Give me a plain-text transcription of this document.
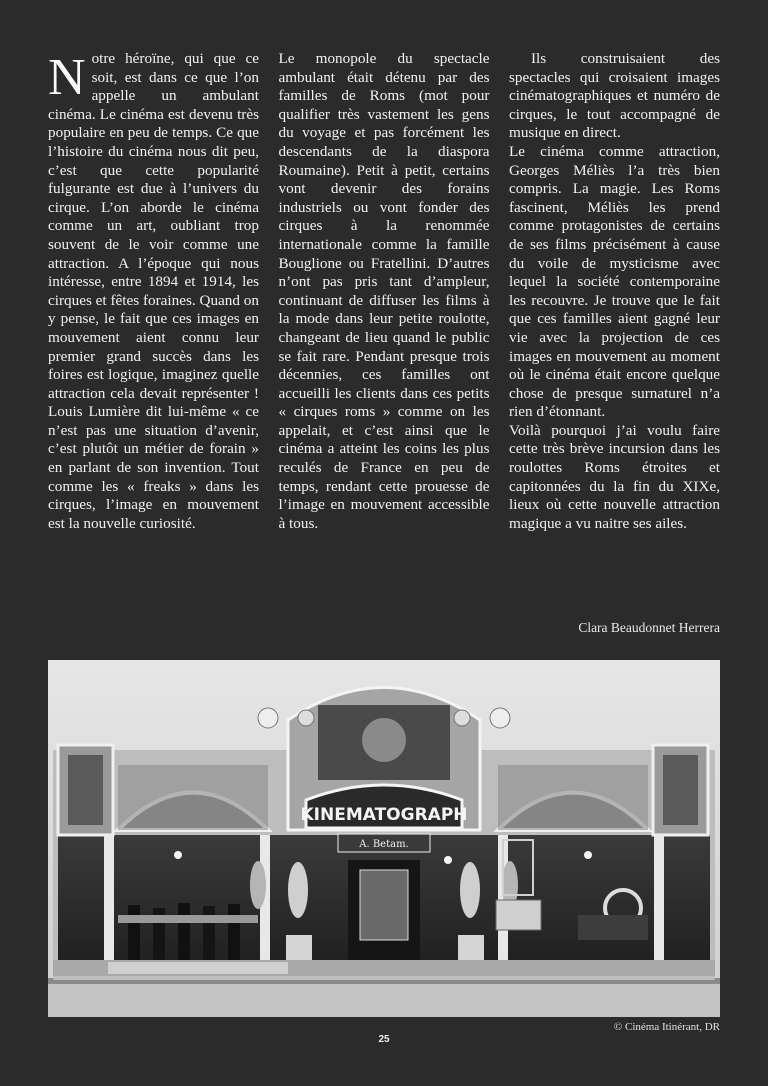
Notre héroïne, qui que ce soit, est dans ce que l’on appelle un ambulant cinéma. Le cinéma est devenu très populaire en peu de temps. Ce que l’histoire du cinéma nous dit peu, c’est que cette popularité fulgurante est due à l’univers du cirque. L’on aborde le cinéma comme un art, oubliant trop souvent de le voir comme une attraction. A l’époque qui nous intéresse, entre 1894 et 1914, les cirques et fêtes foraines. Quand on y pense, le fait que ces images en mouvement aient connu leur premier grand succès dans les foires est logique, imaginez quelle attraction cela devait représenter ! Louis Lumière dit lui-même « ce n’est pas une situation d’avenir, c’est plutôt un métier de forain » en parlant de son invention. Tout comme les « freaks » dans les cirques, l’image en mouvement est la nouvelle curiosité.

Le monopole du spectacle ambulant était détenu par des familles de Roms (mot pour qualifier très vastement les gens du voyage et pas forcément les descendants de la diaspora Roumaine). Petit à petit, certains vont devenir des forains industriels ou vont fonder des cirques à la renommée internationale comme la famille Bouglione ou Fratellini. D’autres n’ont pas pris tant d’ampleur, continuant de diffuser les films à la mode dans leur petite roulotte, changeant de lieu quand le public se fait rare. Pendant presque trois décennies, ces familles ont accueilli les clients dans ces petits « cirques roms » comme on les appelait, et c’est ainsi que le cinéma a atteint les coins les plus reculés de France en peu de temps, rendant cette prouesse de l’image en mouvement accessible à tous.

Ils construisaient des spectacles qui croisaient images cinématographiques et numéro de cirques, le tout accompagné de musique en direct.

Le cinéma comme attraction, Georges Méliès l’a très bien compris. La magie. Les Roms fascinent, Méliès les prend comme protagonistes de certains de ses films précisément à cause du voile de mysticisme avec lequel la société contemporaine les recouvre. Je trouve que le fait que ces familles aient gagné leur vie avec la projection de ces images en mouvement au moment où le cinéma était encore quelque chose de presque surnaturel n’a rien d’étonnant.

Voilà pourquoi j’ai voulu faire cette très brève incursion dans les roulottes Roms étroites et capitonnées du la fin du XIXe, lieux où cette nouvelle attraction magique a vu naitre ses ailes.

Clara Beaudonnet Herrera
KINEMATOGRAPH
A. Betam.
© Cinéma Itinérant, DR
25
